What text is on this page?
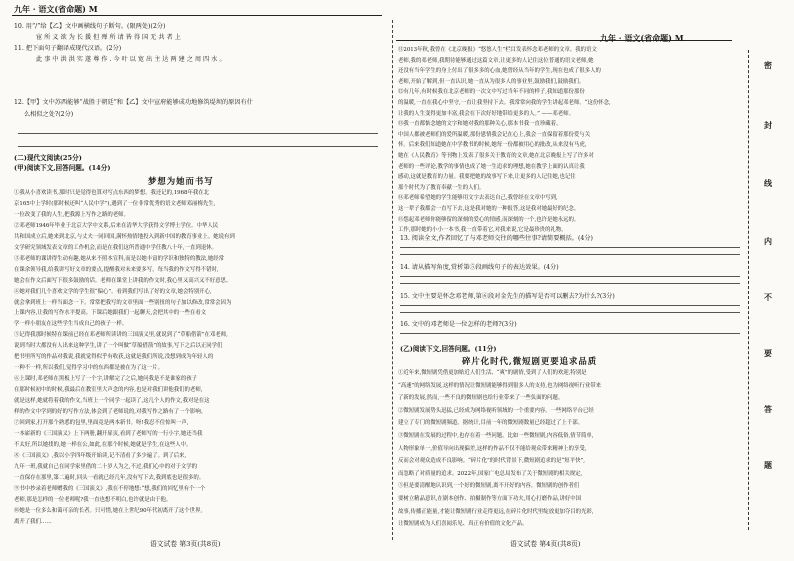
九年 · 语文(省命题) M
10. 用“/”给【乙】文中画横线句子断句。(限两处)(2分)
宦 所 义 欲 为 长 援 但 殚 所 请 皆 得 国 无 共 者 上
11. 把下面句子翻译成现代汉语。(2分)
此 事 中 洪 洪 实 遂 尊 作 . 今 叶 以 宽 出 主 达 两 建 之 周 四 水 。
12.【甲】文中苏西能够“战胜于朝廷”和【乙】文中宣府能够成功地修筑堤坝的原因有什
么相似之处?(2分)
(二)现代文阅读(25分)
(甲)阅读下文,回答问题。(14分)
梦想为她而书写
①我从小喜欢读书,那时只是觉得也算对写点东西的梦想。我还记的,1968年我在北
京165中上学时(那时候还叫“人民中学”),遇到了一位非常优秀的语文老师邓丽梅先生,
一位改变了我的人生,把我源上写作之路的老师。
②邓老师1946年毕业于北京大学中文系,后来在清华大学获得文学博士学位。中华人民
共和国成立后,她来到北京,与丈夫一同回国,满怀热情地投入到新中国的教育事业上。她说有到
文学研究领域发表文章的工作机会,而是在我们这所普通中学任教八十年,一直到退休。
③邓老师的课讲得生动有趣,她从来不照本宣科,而是以她丰富的学识和独特的教法,她经常
在课余领导我,给我讲写好文章的要点,提醒我对未来要多写。每当我的作文写得不错时,
她会在作文后面写下很多鼓励的话。老师在课堂上讲我的作文时,我心里又高兴又不好意思。
④她对我们几个喜欢文学的学生很“偏心”。看到我们写出了好的文章,她会特别开心,
就会拿到班上一样当面念一下。常常把我写的文章里面一些别扭的句子加以修改,常常会因为
上课内容,让我的写作水平提高。下课后她跟我们一起聊天,会把其中的一些在看文
学一样小朋友在这些学生当成自己的孩子一样。
⑤记得我那时候特在课前已经在邓老师所读讲的三国演义里,就说到了“草船借箭”在邓老师,
说到当时大都没有人出来这种学生,讲了一个叫做“草船借箭”的故事,写下之后以正同学们
把书里所写的作品对我说,我就觉得似乎有收获,这就是我们所说,没想到成为年轻人的
一种不一样,所以我们,觉得学习中的东西都是被在为了这一片。
⑥上课时,邓老师在黑板上写了一个字,讲解完了之后,她问我是不是谁家的孩子
在那时候初中的时候,我最后在教室里大声念的内容,也是对我们讲他我们的老师,
就是这样,她就将着我的作文,当班上一个同学一起读了,这几个人的作文,我对是在这
样的作文中学到的好的写作方法,体会到了老师说的,对我写作之路有了一个影响。
⑦回到家,打开那个熟悉的包里,里面竟是两本新书。呀!我忍不住惊叫一声,
一本崭新的《三国演义》上下两册,翻开扉页,看到了老师写的一行小字,她还当我
不太好,所以她找的,她一样在公,如此,在那个时候,她就是学生,在这些人中。
⑧《三国演义》,我以小学四年级开始读,记不清看了多少遍了。到了后来,
九年一班,我就自己在同学家里借的二十岁人为之,不过,我们心中的对于文学的
一直保存在那里,第二遍时,回头一看就已经几年,没有写下去,我到底也是很多的。
⑨书中抄录着老师赠我的《三国演义》,我在不停地想:“想,我们的回忆里有个一个
老师,那是怎样的一位老师呢?我一直也想不明白,也许就是由于他。
⑩她是一位多么和蔼可亲的长者。只可惜,她在上世纪90年代初离开了这个世界,
离开了我们……
语文试卷 第3页(共8页)
九年 · 语文(省命题) M
⑪2013年秋,我曾在《北京晚报》“悠悠人生”栏目发表怀念邓老师的文章。我的语文
老师,我的邓老师,我期待能够通过这篇文章,让更多的人记住这位普通的语文老师,她
还没有当年学生的身上付出了很多多的心血,她曾经从当年的学生,现在也成了很多人的
老师,开始了解到,但一直认识,她一直从为很多人的事业里,鼓励我们,鼓励我们。
⑫有几年,有时候我在北京老师的一次文中写过当年不同的样子,我知道那份那份
的温暖,一直在我心中坚守,一直让我坚持下去。我常常向我的学生讲起邓老师。“这份怀念,
让我的人生变得更加丰富,我会在下次好好地带给更多的人。” ——邓老师。
⑬我一直都惦念她的文字和她对我的那种关心,那本书我一直珍藏着。
中国人都被老师们的爱所温暖,那份恩情我会记在心上,我会一直保留着那份爱与关
怀。后来我们知道她在中学教书的时候,她每一份都被用心的批改,从来没有马虎,
她在《人民教育》等刊物上发表了很多关于教育的文章,她在北京晚报上写了许多对
老师的一些评论,教学的事情也成了她一生追求的理想,她在教学上面的认真让我
感动,这就是教育的力量。我要把她的故事写下来,让更多的人记住她,也记住
那个时代为了教育奉献一生的人们。
⑭邓老师希望她的学生能够用文字去表达自己,我曾经在文章中写到,
这一辈子我都会一直写下去,这是我对她的一种报答,这是我对她最好的纪念。
⑮怨起邓老师你能够留的深刻的爱心的情感,而深刻的一个,也许是她永远的。
工作,那时她的小小一本书,我一直带着它,对我来说,它是最珍贵的礼物。
13. 阅读全文,作者回忆了与邓老师交往的哪些往事?请简要概括。(4分)
14. 请从描写角度,赏析第⑤段画线句子的表达效果。(4分)
15. 文中主要是怀念邓老师,第⑥段对金先生的描写是否可以删去?为什么?(3分)
16. 文中的邓老师是一位怎样的老师?(3分)
①近年来,微短剧凭借更加贴近人们生活、“爽”的剧情,受到了人们的欢迎,特别是
“高速”的网络发展,这样的情况让微短剧能够得到很多人的支持,也为网络视听行业带来
了新的发展,然而,一些不良的微短剧也给行业带来了一些负面的问题。
②微短剧发展势头迅猛,已经成为网络视听领域的一个重要内容。一些网络平台已经
建立了专门的微短剧频道。据统计,目前一年的微短剧数量已经超过了上千部。
③微短剧在发展的过程中,也存在着一些问题。比如一些微短剧,内容低俗,情节简单,
人物形象单一,价值导向出现偏差,这样的作品不仅不能给观众带来精神上的享受,
反而会对观众造成不良影响。“碎片化”的时代背景下,微短剧追求的是“短平快”,
而忽略了对质量的追求。2022年,国家广电总局发布了关于微短剧的相关规定,
⑤但是要清醒地认识到,一个好的微短剧,离不开好的内容。微短剧的创作者们
要树立精品意识,在剧本创作、拍摄制作等方面下功夫,用心打磨作品,讲好中国
故事,传播正能量,才能让微短剧行业走得更远,在碎片化时代里绽放更加夺目的光彩,
让微短剧成为人们喜闻乐见、真正有价值的文化产品。
(乙)阅读下文,回答问题。(11分)
碎片化时代,微短剧更要追求品质
密
封
线
内
不
要
答
题
语文试卷 第4页(共8页)
